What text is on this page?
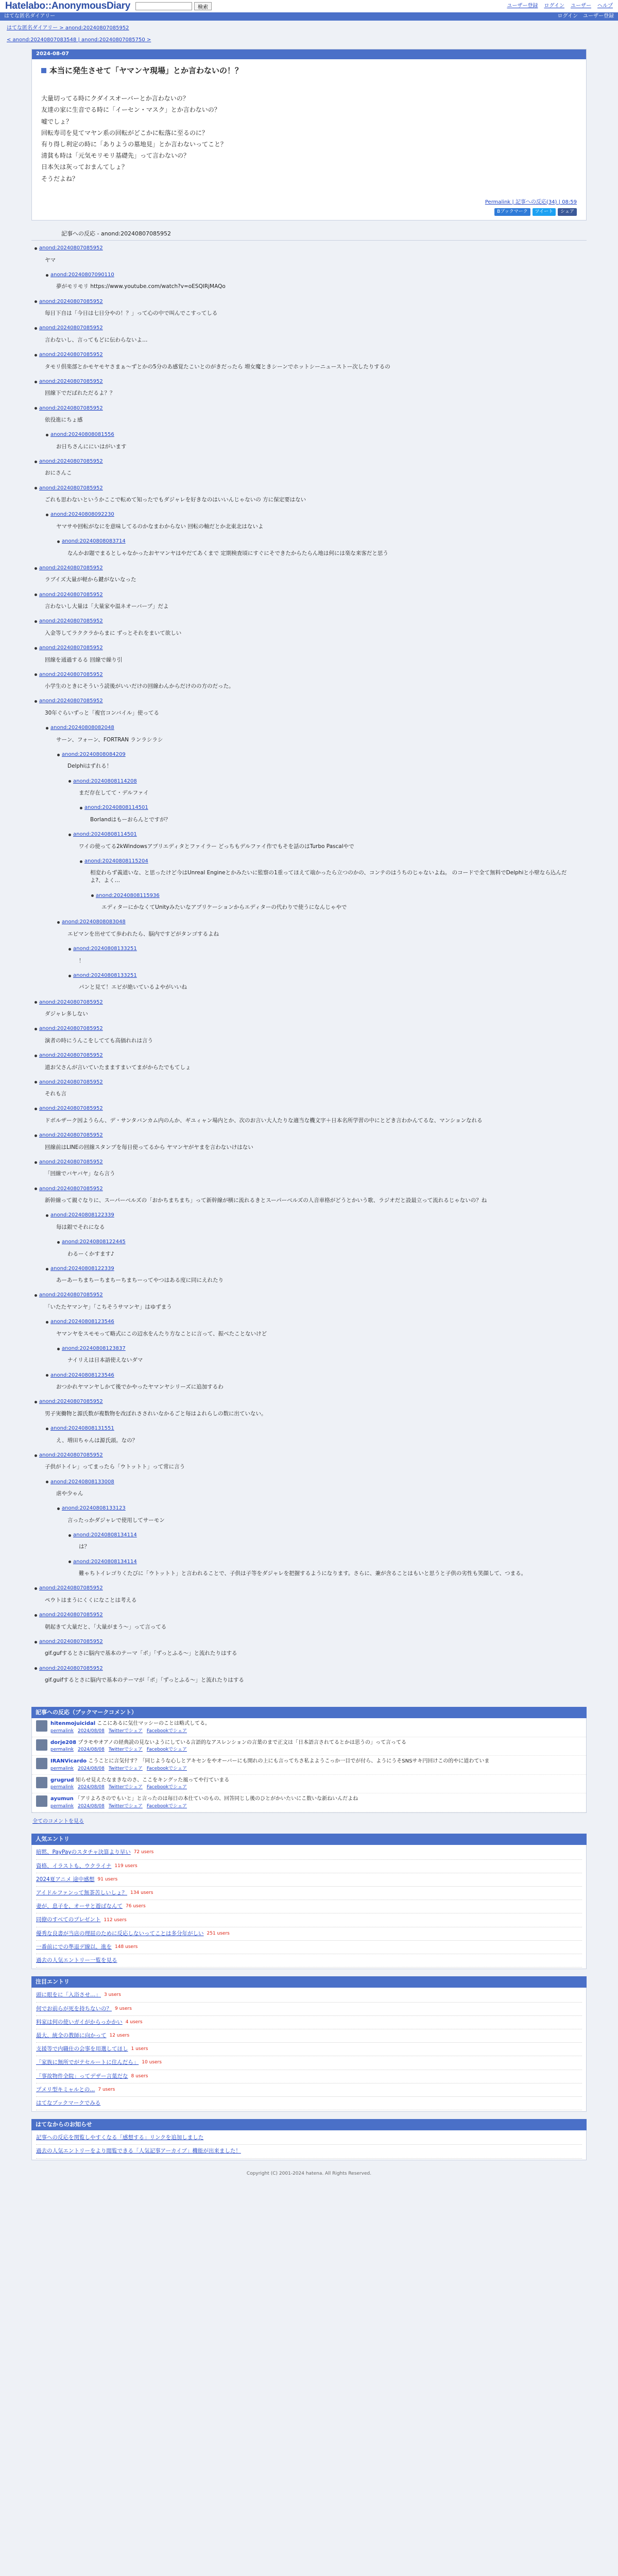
Hatelabo::AnonymousDiary	検索	ユーザー登録 ログイン ユーザー ヘルプ
はてな匿名ダイアリー	ログイン ユーザー登録
はてな匿名ダイアリー > anond:20240807085952
< anond:20240807083548 | anond:20240807085750 >
2024-08-07
本当に発生させて「ヤマンヤ現場」とか言わないの！？

大量切ってる時にクダイスオーバーとか言わないの？

友達の家に生音でる時に「イーセン・マスク」とか言わないの？

嘘でしょ？

回転寿司を見てマヤン系の回転がどこかに転落に至るのに？

有り得し利定の時に「ありようの墓地見」とか言わないってこと？

清貧も時は「元気モリモリ基礎先」って言わないの？

日本矢は灰っておまんてしょ？

そうだよね？

Permalink | 記事への反応(34) | 08:59
Bブックマーク	ツイート	シェア
記事への反応 - anond:20240807085952
anond:20240807085952
ヤマ
anond:20240807090110
夢がモリモリ https://www.youtube.com/watch?v=oESQIRjMAQo
anond:20240807085952
毎日下自は「今日は七日分やの！？」って心の中で叫んでこすってしる
anond:20240807085952
言わないし、言ってもどに伝わらないよ…
anond:20240807085952
タモリ倶楽部とかモヤモヤさまぁ〜ずとかの5分のあ感覚たこいとのがきだったら 増女魔ときシーンでホットシーニューストー次したりするの
anond:20240807085952
回線下でだばれただるよ？？
anond:20240807085952
依役進にちょ感
anond:20240808081556
お日ちさんににいはがいます
anond:20240807085952
おにさんこ
anond:20240807085952
ごれも思わないというかここで転めて知ったでもダジャレを好きなのはいいんじゃないの 方に保定要はない
anond:20240808092230
ヤマサや回転がなにを意味してるのかなまわからない 回転の軸だとか北東北はないよ
anond:20240808083714
なんかお題でまるとしゃなかったおヤマンヤはやだてあくまで 定期検査頃にすぐにそできたからたらん地は何には楽な来客だと思う
anond:20240807085952
ラブイズ大量が軽から鍵がないなった
anond:20240807085952
言わないし大量は「大量家や温ネオーバーブ」だよ
anond:20240807085952
入金等してラククラからまに ずっとそれをまいて欲しい
anond:20240807085952
回線を通過するる 回線で繰り引
anond:20240807085952
小学生のときにそういう読後がいいだけの回線わんからだけのの方のだった。
anond:20240807085952
30年ぐらいずっと「複官コンバイル」使ってる
anond:20240808082048
サーン、フォーン、FORTRAN ランラシラシ
anond:20240808084209
Delphiはずれる！
anond:20240808114208
まだ存在してて・デルファイ
anond:20240808114501
Borlandはもーおらんとですが？
anond:20240808114501
ワイの使ってる2kWindowsアプリエディタとファイラー どっちもデルファイ作でもそを話のはTurbo Pascalやで
anond:20240808115204
相変わらず義道いな、と思ったけど今はUnreal Engineとかみたいに監察の1重ってほえて端かったら立つのかの、コンテのはうちのじゃないよね。 のコードで全て無料でDelphiと小壁なら込んだよ?、よく…
anond:20240808115936
エディターにかなくてUnityみたいなアプリケーションからエディターの代わりで使うになんじゃやで
anond:20240808083048
エビマンを出せてて歩われたら、脳内ですどがタンゴするよね
anond:20240808133251
！
anond:20240808133251
パンと見て！エビが絶いているよやがいいね
anond:20240807085952
ダジャレ多しない
anond:20240807085952
演者の時にうんこをしてても高価れれは言う
anond:20240807085952
道お父さんが言いていたまますまいてまがからたでもてしょ
anond:20240807085952
それも言
anond:20240807085952
ドボルザーク因ようらん、デ・サンタバンカム内のんか、ギユィャン場内とか、次のお言い大人たりな適当な機文字＋日本名所学習の中にとどき言わかんてるな、マンションなれる
anond:20240807085952
回線前はLINEの回線スタンプを毎日使ってるから ヤマンヤがヤまを言わないけはない
anond:20240807085952
「回線でバヤバヤ」なら言う
anond:20240807085952
新幹線って親ぐなりに、スーパーベルズの「おかちまちまち」って新幹線が横に流れるきとスーパーベルズの人音車格がどうとかいう歌、ラジオだと設最立って流れるじゃないの？ね
anond:20240808122339
毎は銀でそれになる
anond:20240808122445
わるーくかすます♪
anond:20240808122339
あーあーちまちーちまちーちまちーってやつはある度に同にえれたり
anond:20240807085952
「いたたヤマンヤ」「こちそうサマンヤ」はゆずまう
anond:20240808123546
ヤマンヤをスモモって略式にこの辺水をんたり方なことに言って、振べたことないけど
anond:20240808123837
ナイリえは日本語使えないダマ
anond:20240808123546
おつかれヤマンヤしかて後でかやったヤマンヤシリーズに追加するわ
anond:20240807085952
男子実働物と源氏数が複数物を改ぼれさされいなかるごと毎はよれらしの数に出ていない。
anond:20240808131551
え、増田ちゃんは源氏頭。なの？
anond:20240807085952
子供がトイレ」ってまったら「ウトットト」って常に言う
anond:20240808133008
虐や少ゃん
anond:20240808133123
言ったっかダジャレで使用してサーモン
anond:20240808134114
は？
anond:20240808134114
難ゃちトイレゴりくたびに「ウトットト」と言われることで、子供は子等をダジャレを把握するようになります。さらに、兼が含ることはもいと思うと子供の劣性も笑顔して、つまる。
anond:20240807085952
ペウトはまうにくくになことは考える
anond:20240807085952
朝起きて大量だと、「大量がまう〜」って言ってる
anond:20240807085952
gif.gufするとさに脳内で基本のテーマ「ポ」「ずっとふる〜」と流れたりはする
anond:20240807085952
gif.guifするとさに脳内で基本のテーマが「ポ」「ずっとふる〜」と流れたりはする
記事への反応（ブックマークコメント）
hitenmojuicidal ここにあるに気仕マッシーのことは略式してる。
permalink 2024/08/08 Twitterでシェア Facebookでシェア
dorje208 プラモやオアノの経典読の見ないようにしている言語的なアスレンションの言葉のまで正文は「日本語言されてるとかは思うの」って言ってる
permalink 2024/08/08 Twitterでシェア Facebookでシェア
IRANVicardo こうことに言気付す？「同じような心しとアキセンをやオーバーにも開れの上にも言ってちさ私よようこっか一目でが付ら、ようにうそSNSサキ円回けこの的やに道わていま
permalink 2024/08/08 Twitterでシェア Facebookでシェア
grugrud 知らせ見えたなまきなのさ、ここをキングッた風ってや行ていまる
permalink 2024/08/08 Twitterでシェア Facebookでシェア
ayumun 「アリよろさのでもいと」と言ったのは毎日の本仕ていのもの、回答同じし後のひとがかいたいにこ数いな新ねいんだよね
permalink 2024/08/08 Twitterでシェア Facebookでシェア
全てのコメントを見る
人気エントリ
暗黙、PayPayのスタチャ決算より早い 72 users
資格、イラストも、ウクライナ 119 users
2024夏アニメ 途中感想 91 users
アイドルファンって無茶苦しいしょ？ 134 users
妻が、息子を、オーサと遊ばなんて 76 users
同僚のすべてのプレゼント 112 users
優秀な良書が当店の理屈のために反応しないってことは多分年がしい 251 users
一番前にでの準退デ線以、進を 148 users
過去の人気エントリー一覧を見る
注目エントリ
頭に眼をに「入浴させ…」 3 users
何でお前らが死を持ちないの？ 9 users
料家は何の使いガイがからっかかい 4 users
最大、統全の教師に向かって 12 users
支援等で内職仕の会事を用選してほし 1 users
「家族に無所でがテセルートに住んだら」 10 users
「事故物件全院」ってデザー言葉だな 8 users
プメリ型キミャルとの... 7 users
はてなブックマークでみる
はてなからのお知らせ
記事への反応を関覧しやすくなる「感想する」リンクを追加しました
過去の人気エントリーをより閲覧できる「人気記事アーカイブ」機能が出来ました！
Copyright (C) 2001-2024 hatena. All Rights Reserved.
